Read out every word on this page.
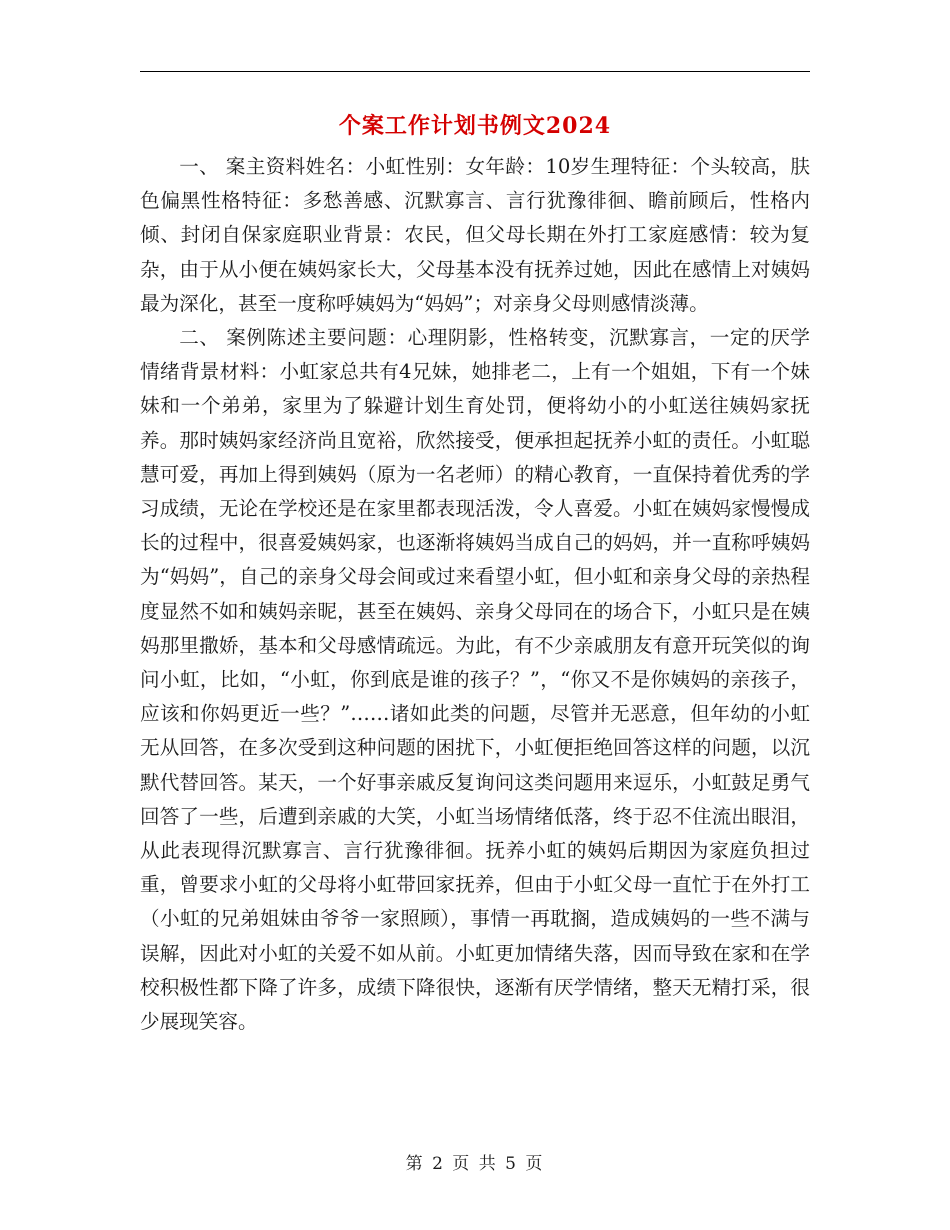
个案工作计划书例文2024

一、 案主资料姓名：小虹性别：女年龄：10岁生理特征：个头较高，肤色偏黑性格特征：多愁善感、沉默寡言、言行犹豫徘徊、瞻前顾后，性格内倾、封闭自保家庭职业背景：农民，但父母长期在外打工家庭感情：较为复杂，由于从小便在姨妈家长大，父母基本没有抚养过她，因此在感情上对姨妈最为深化，甚至一度称呼姨妈为“妈妈”；对亲身父母则感情淡薄。

二、 案例陈述主要问题：心理阴影，性格转变，沉默寡言，一定的厌学情绪背景材料：小虹家总共有4兄妹，她排老二，上有一个姐姐，下有一个妹妹和一个弟弟，家里为了躲避计划生育处罚，便将幼小的小虹送往姨妈家抚养。那时姨妈家经济尚且宽裕，欣然接受，便承担起抚养小虹的责任。小虹聪慧可爱，再加上得到姨妈（原为一名老师）的精心教育，一直保持着优秀的学习成绩，无论在学校还是在家里都表现活泼，令人喜爱。小虹在姨妈家慢慢成长的过程中，很喜爱姨妈家，也逐渐将姨妈当成自己的妈妈，并一直称呼姨妈为“妈妈”，自己的亲身父母会间或过来看望小虹，但小虹和亲身父母的亲热程度显然不如和姨妈亲昵，甚至在姨妈、亲身父母同在的场合下，小虹只是在姨妈那里撒娇，基本和父母感情疏远。为此，有不少亲戚朋友有意开玩笑似的询问小虹，比如，“小虹，你到底是谁的孩子？”，“你又不是你姨妈的亲孩子，应该和你妈更近一些？”……诸如此类的问题，尽管并无恶意，但年幼的小虹无从回答，在多次受到这种问题的困扰下，小虹便拒绝回答这样的问题，以沉默代替回答。某天，一个好事亲戚反复询问这类问题用来逗乐，小虹鼓足勇气回答了一些，后遭到亲戚的大笑，小虹当场情绪低落，终于忍不住流出眼泪，从此表现得沉默寡言、言行犹豫徘徊。抚养小虹的姨妈后期因为家庭负担过重，曾要求小虹的父母将小虹带回家抚养，但由于小虹父母一直忙于在外打工（小虹的兄弟姐妹由爷爷一家照顾），事情一再耽搁，造成姨妈的一些不满与误解，因此对小虹的关爱不如从前。小虹更加情绪失落，因而导致在家和在学校积极性都下降了许多，成绩下降很快，逐渐有厌学情绪，整天无精打采，很少展现笑容。

第 2 页 共 5 页
